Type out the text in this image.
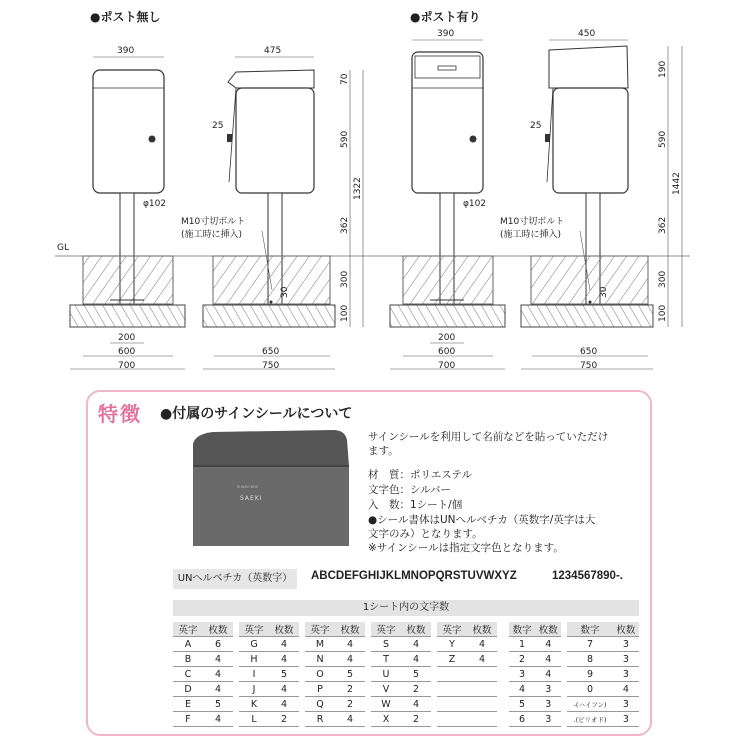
●ポスト無し	●ポスト有り
GL
390
φ102
200
600
700
25
475
M10寸切ボルト
(施工時に挿入)
30
650
750
70
590
362
300
100
1322
390
φ102
200
600
700
25
450
M10寸切ボルト
(施工時に挿入)
30
650
750
190
590
362
300
100
1442
特徴 ●付属のサインシールについて
SUNAO BOX
SAEKI
サインシールを利用して名前などを貼っていただけ
ます。
材　質：ポリエステル
文字色：シルバー
入　数：1シート/個
●シール書体はUNへルベチカ（英数字/英字は大
文字のみ）となります。
※サインシールは指定文字色となります。
UNへルベチカ（英数字）	ABCDEFGHIJKLMNOPQRSTUVWXYZ	1234567890-.
1シート内の文字数
英字	枚数		英字	枚数		英字	枚数		英字	枚数		英字	枚数
A	6		G	4		M	4		S	4		Y	4
B	4		H	4		N	4		T	4		Z	4
C	4		I	5		O	5		U	5			
D	4		J	4		P	2		V	2			
E	5		K	4		Q	2		W	4			
F	4		L	2		R	4		X	2			
数字	枚数		数字	枚数
1	4		7	3
2	4		8	3
3	4		9	3
4	3		0	4
5	3		-(ハイフン)	3
6	3		.(ピリオド)	3
